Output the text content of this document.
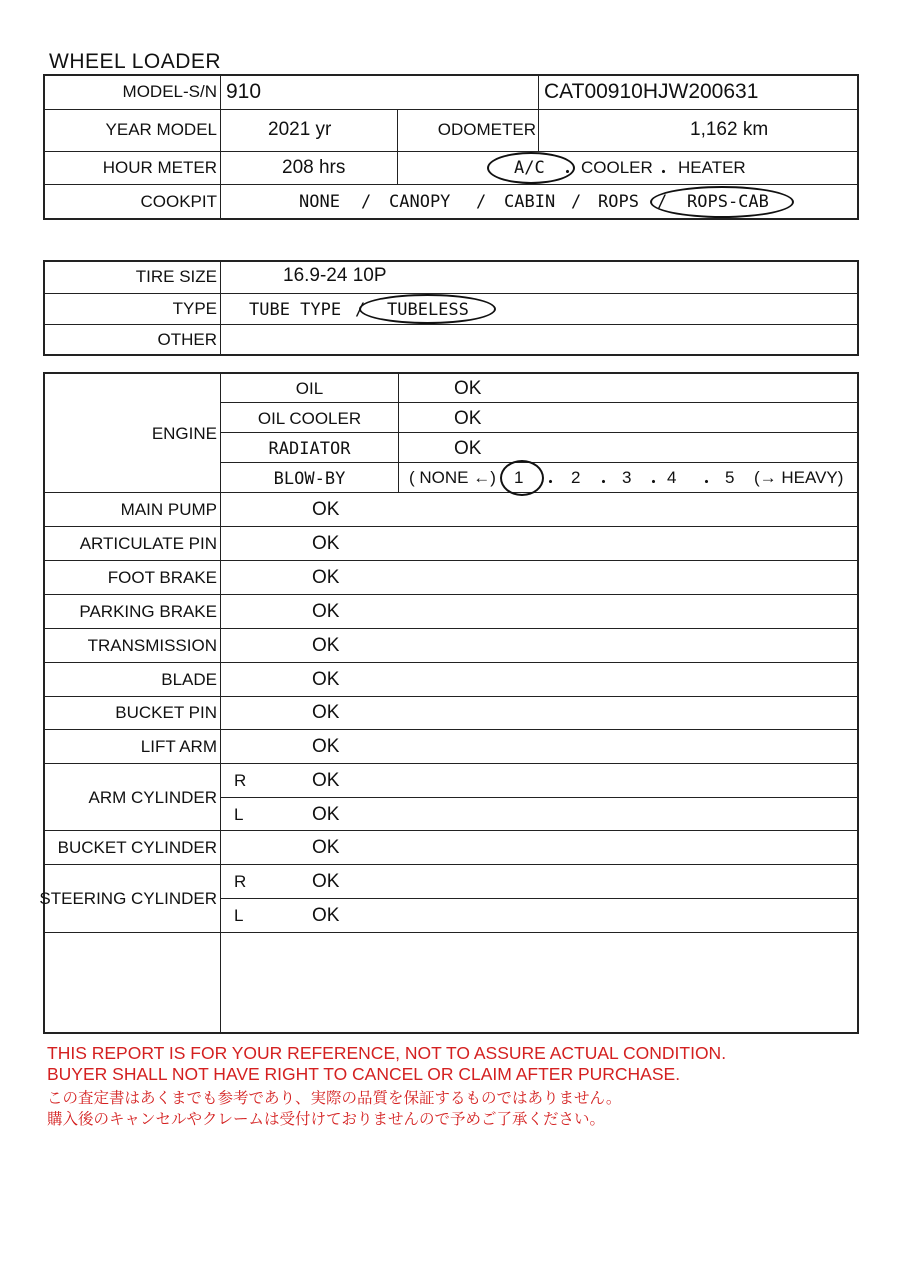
WHEEL LOADER
MODEL-S/N 910	CAT00910HJW200631
YEAR MODEL	2021 yr	ODOMETER	1,162 km
HOUR METER	208 hrs	A/C ・ COOLER ・ HEATER
COOKPIT	NONE / CANOPY / CABIN / ROPS / ROPS-CAB
TIRE SIZE	16.9-24 10P
TYPE TUBE TYPE / TUBELESS
OTHER
ENGINE
OIL	OK
OIL COOLER	OK
RADIATOR	OK
BLOW-BY	( NONE ←) 1 ・ 2 ・ 3 ・ 4 ・ 5 (→ HEAVY)
MAIN PUMP	OK
ARTICULATE PIN	OK
FOOT BRAKE	OK
PARKING BRAKE	OK
TRANSMISSION	OK
BLADE	OK
BUCKET PIN	OK
LIFT ARM	OK
ARM CYLINDER
R	OK
L	OK
BUCKET CYLINDER	OK
STEERING CYLINDER
R	OK
L	OK
THIS REPORT IS FOR YOUR REFERENCE, NOT TO ASSURE ACTUAL CONDITION.
BUYER SHALL NOT HAVE RIGHT TO CANCEL OR CLAIM AFTER PURCHASE.
この査定書はあくまでも参考であり、実際の品質を保証するものではありません。
購入後のキャンセルやクレームは受付けておりませんので予めご了承ください。
